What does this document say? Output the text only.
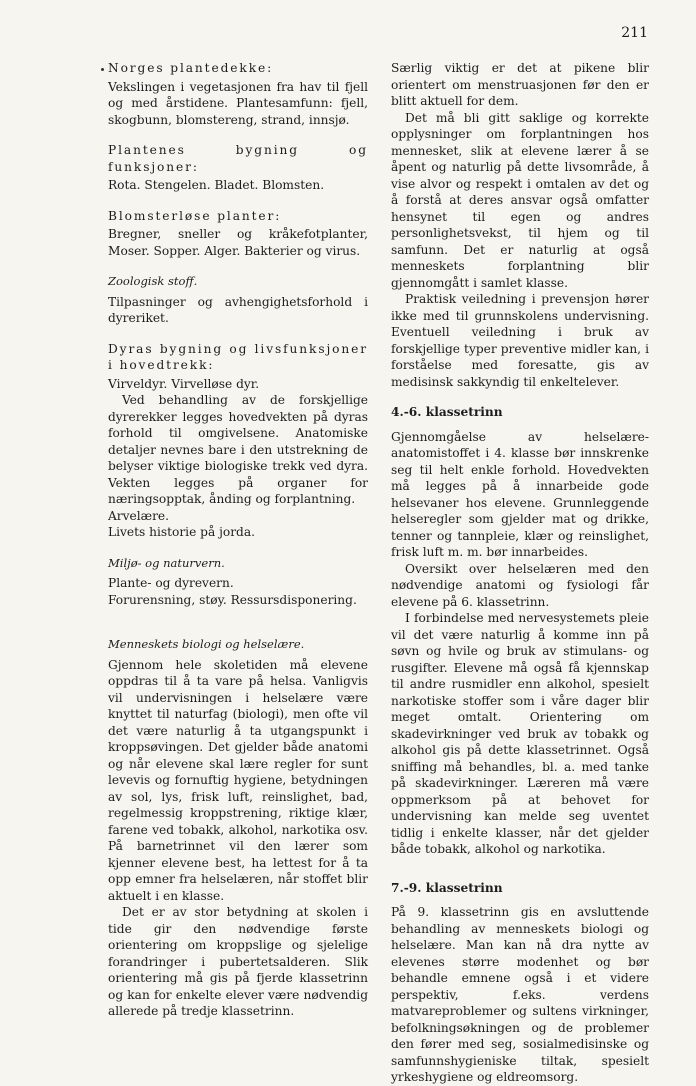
211
Norges plantedekke:

Vekslingen i vegetasjonen fra hav til fjell og med årstidene. Plantesamfunn: fjell, skogbunn, blomstereng, strand, innsjø.

Plantenes bygning og funksjoner:

Rota. Stengelen. Bladet. Blomsten.

Blomsterløse planter:

Bregner, sneller og kråkefotplanter, Moser. Sopper. Alger. Bakterier og virus.

Zoologisk stoff.

Tilpasninger og avhengighetsforhold i dyreriket.

Dyras bygning og livsfunksjoner i hovedtrekk:

Virveldyr. Virvelløse dyr.

Ved behandling av de forskjellige dyrerekker legges hovedvekten på dyras forhold til omgivelsene. Anatomiske detaljer nevnes bare i den utstrekning de belyser viktige biologiske trekk ved dyra. Vekten legges på organer for næringsopptak, ånding og forplantning.

Arvelære.

Livets historie på jorda.

Miljø- og naturvern.

Plante- og dyrevern.

Forurensning, støy. Ressursdisponering.

Menneskets biologi og helselære.

Gjennom hele skoletiden må elevene oppdras til å ta vare på helsa. Vanligvis vil undervisningen i helselære være knyttet til naturfag (biologi), men ofte vil det være naturlig å ta utgangspunkt i kroppsøvingen. Det gjelder både anatomi og når elevene skal lære regler for sunt levevis og fornuftig hygiene, betydningen av sol, lys, frisk luft, reinslighet, bad, regelmessig kroppstrening, riktige klær, farene ved tobakk, alkohol, narkotika osv. På barnetrinnet vil den lærer som kjenner elevene best, ha lettest for å ta opp emner fra helselæren, når stoffet blir aktuelt i en klasse.

Det er av stor betydning at skolen i tide gir den nødvendige første orientering om kroppslige og sjelelige forandringer i pubertetsalderen. Slik orientering må gis på fjerde klassetrinn og kan for enkelte elever være nødvendig allerede på tredje klassetrinn.

Særlig viktig er det at pikene blir orientert om menstruasjonen før den er blitt aktuell for dem.

Det må bli gitt saklige og korrekte opplysninger om forplantningen hos mennesket, slik at elevene lærer å se åpent og naturlig på dette livsområde, å vise alvor og respekt i omtalen av det og å forstå at deres ansvar også omfatter hensynet til egen og andres personlighetsvekst, til hjem og til samfunn. Det er naturlig at også menneskets forplantning blir gjennomgått i samlet klasse.

Praktisk veiledning i prevensjon hører ikke med til grunnskolens undervisning. Eventuell veiledning i bruk av forskjellige typer preventive midler kan, i forståelse med foresatte, gis av medisinsk sakkyndig til enkeltelever.

4.-6. klassetrinn

Gjennomgåelse av helselære-anatomistoffet i 4. klasse bør innskrenke seg til helt enkle forhold. Hovedvekten må legges på å innarbeide gode helsevaner hos elevene. Grunnleggende helseregler som gjelder mat og drikke, tenner og tannpleie, klær og reinslighet, frisk luft m. m. bør innarbeides.

Oversikt over helselæren med den nødvendige anatomi og fysiologi får elevene på 6. klassetrinn.

I forbindelse med nervesystemets pleie vil det være naturlig å komme inn på søvn og hvile og bruk av stimulans- og rusgifter. Elevene må også få kjennskap til andre rusmidler enn alkohol, spesielt narkotiske stoffer som i våre dager blir meget omtalt. Orientering om skadevirkninger ved bruk av tobakk og alkohol gis på dette klassetrinnet. Også sniffing må behandles, bl. a. med tanke på skadevirkninger. Læreren må være oppmerksom på at behovet for undervisning kan melde seg uventet tidlig i enkelte klasser, når det gjelder både tobakk, alkohol og narkotika.

7.-9. klassetrinn

På 9. klassetrinn gis en avsluttende behandling av menneskets biologi og helselære. Man kan nå dra nytte av elevenes større modenhet og bør behandle emnene også i et videre perspektiv, f.eks. verdens matvareproblemer og sultens virkninger, befolkningsøkningen og de problemer den fører med seg, sosialmedisinske og samfunnshygieniske tiltak, spesielt yrkeshygiene og eldreomsorg.
